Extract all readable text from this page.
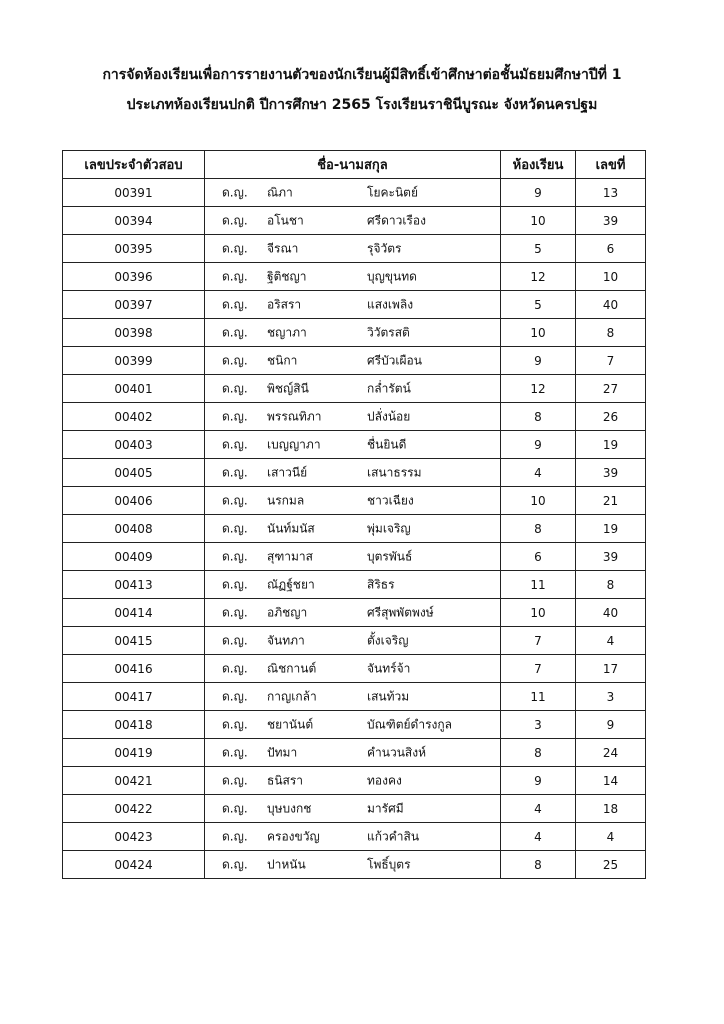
การจัดห้องเรียนเพื่อการรายงานตัวของนักเรียนผู้มีสิทธิ์เข้าศึกษาต่อชั้นมัธยมศึกษาปีที่ 1
ประเภทห้องเรียนปกติ ปีการศึกษา 2565 โรงเรียนราชินีบูรณะ จังหวัดนครปฐม
เลขประจำตัวสอบ	ชื่อ-นามสกุล	ห้องเรียน	เลขที่
00391	ด.ญ. ณิภา โยคะนิตย์	9	13
00394	ด.ญ. อโนชา ศรีดาวเรือง	10	39
00395	ด.ญ. จีรณา รุจิวัตร	5	6
00396	ด.ญ. ฐิติชญา บุญขุนทด	12	10
00397	ด.ญ. อริสรา แสงเพลิง	5	40
00398	ด.ญ. ชญาภา วิวัตรสติ	10	8
00399	ด.ญ. ชนิกา ศรีบัวเผือน	9	7
00401	ด.ญ. พิชญ์สินี กล่ำรัตน์	12	27
00402	ด.ญ. พรรณทิภา ปลั่งน้อย	8	26
00403	ด.ญ. เบญญาภา ชื่นยินดี	9	19
00405	ด.ญ. เสาวนีย์ เสนาธรรม	4	39
00406	ด.ญ. นรกมล ชาวเฉียง	10	21
00408	ด.ญ. นันท์มนัส พุ่มเจริญ	8	19
00409	ด.ญ. สุฑามาส บุตรพันธ์	6	39
00413	ด.ญ. ณัฏฐ์ชยา สิริธร	11	8
00414	ด.ญ. อภิชญา ศรีสุพพัตพงษ์	10	40
00415	ด.ญ. จันทภา ตั้งเจริญ	7	4
00416	ด.ญ. ณิชกานต์ จันทร์จ้า	7	17
00417	ด.ญ. กาญเกล้า เสนท้วม	11	3
00418	ด.ญ. ชยานันต์ บัณฑิตย์ดำรงกูล	3	9
00419	ด.ญ. ปัทมา คำนวนสิงห์	8	24
00421	ด.ญ. ธนิสรา ทองคง	9	14
00422	ด.ญ. บุษบงกช มารัศมี	4	18
00423	ด.ญ. ครองขวัญ แก้วคำสิน	4	4
00424	ด.ญ. ปาหนัน โพธิ์บุตร	8	25
